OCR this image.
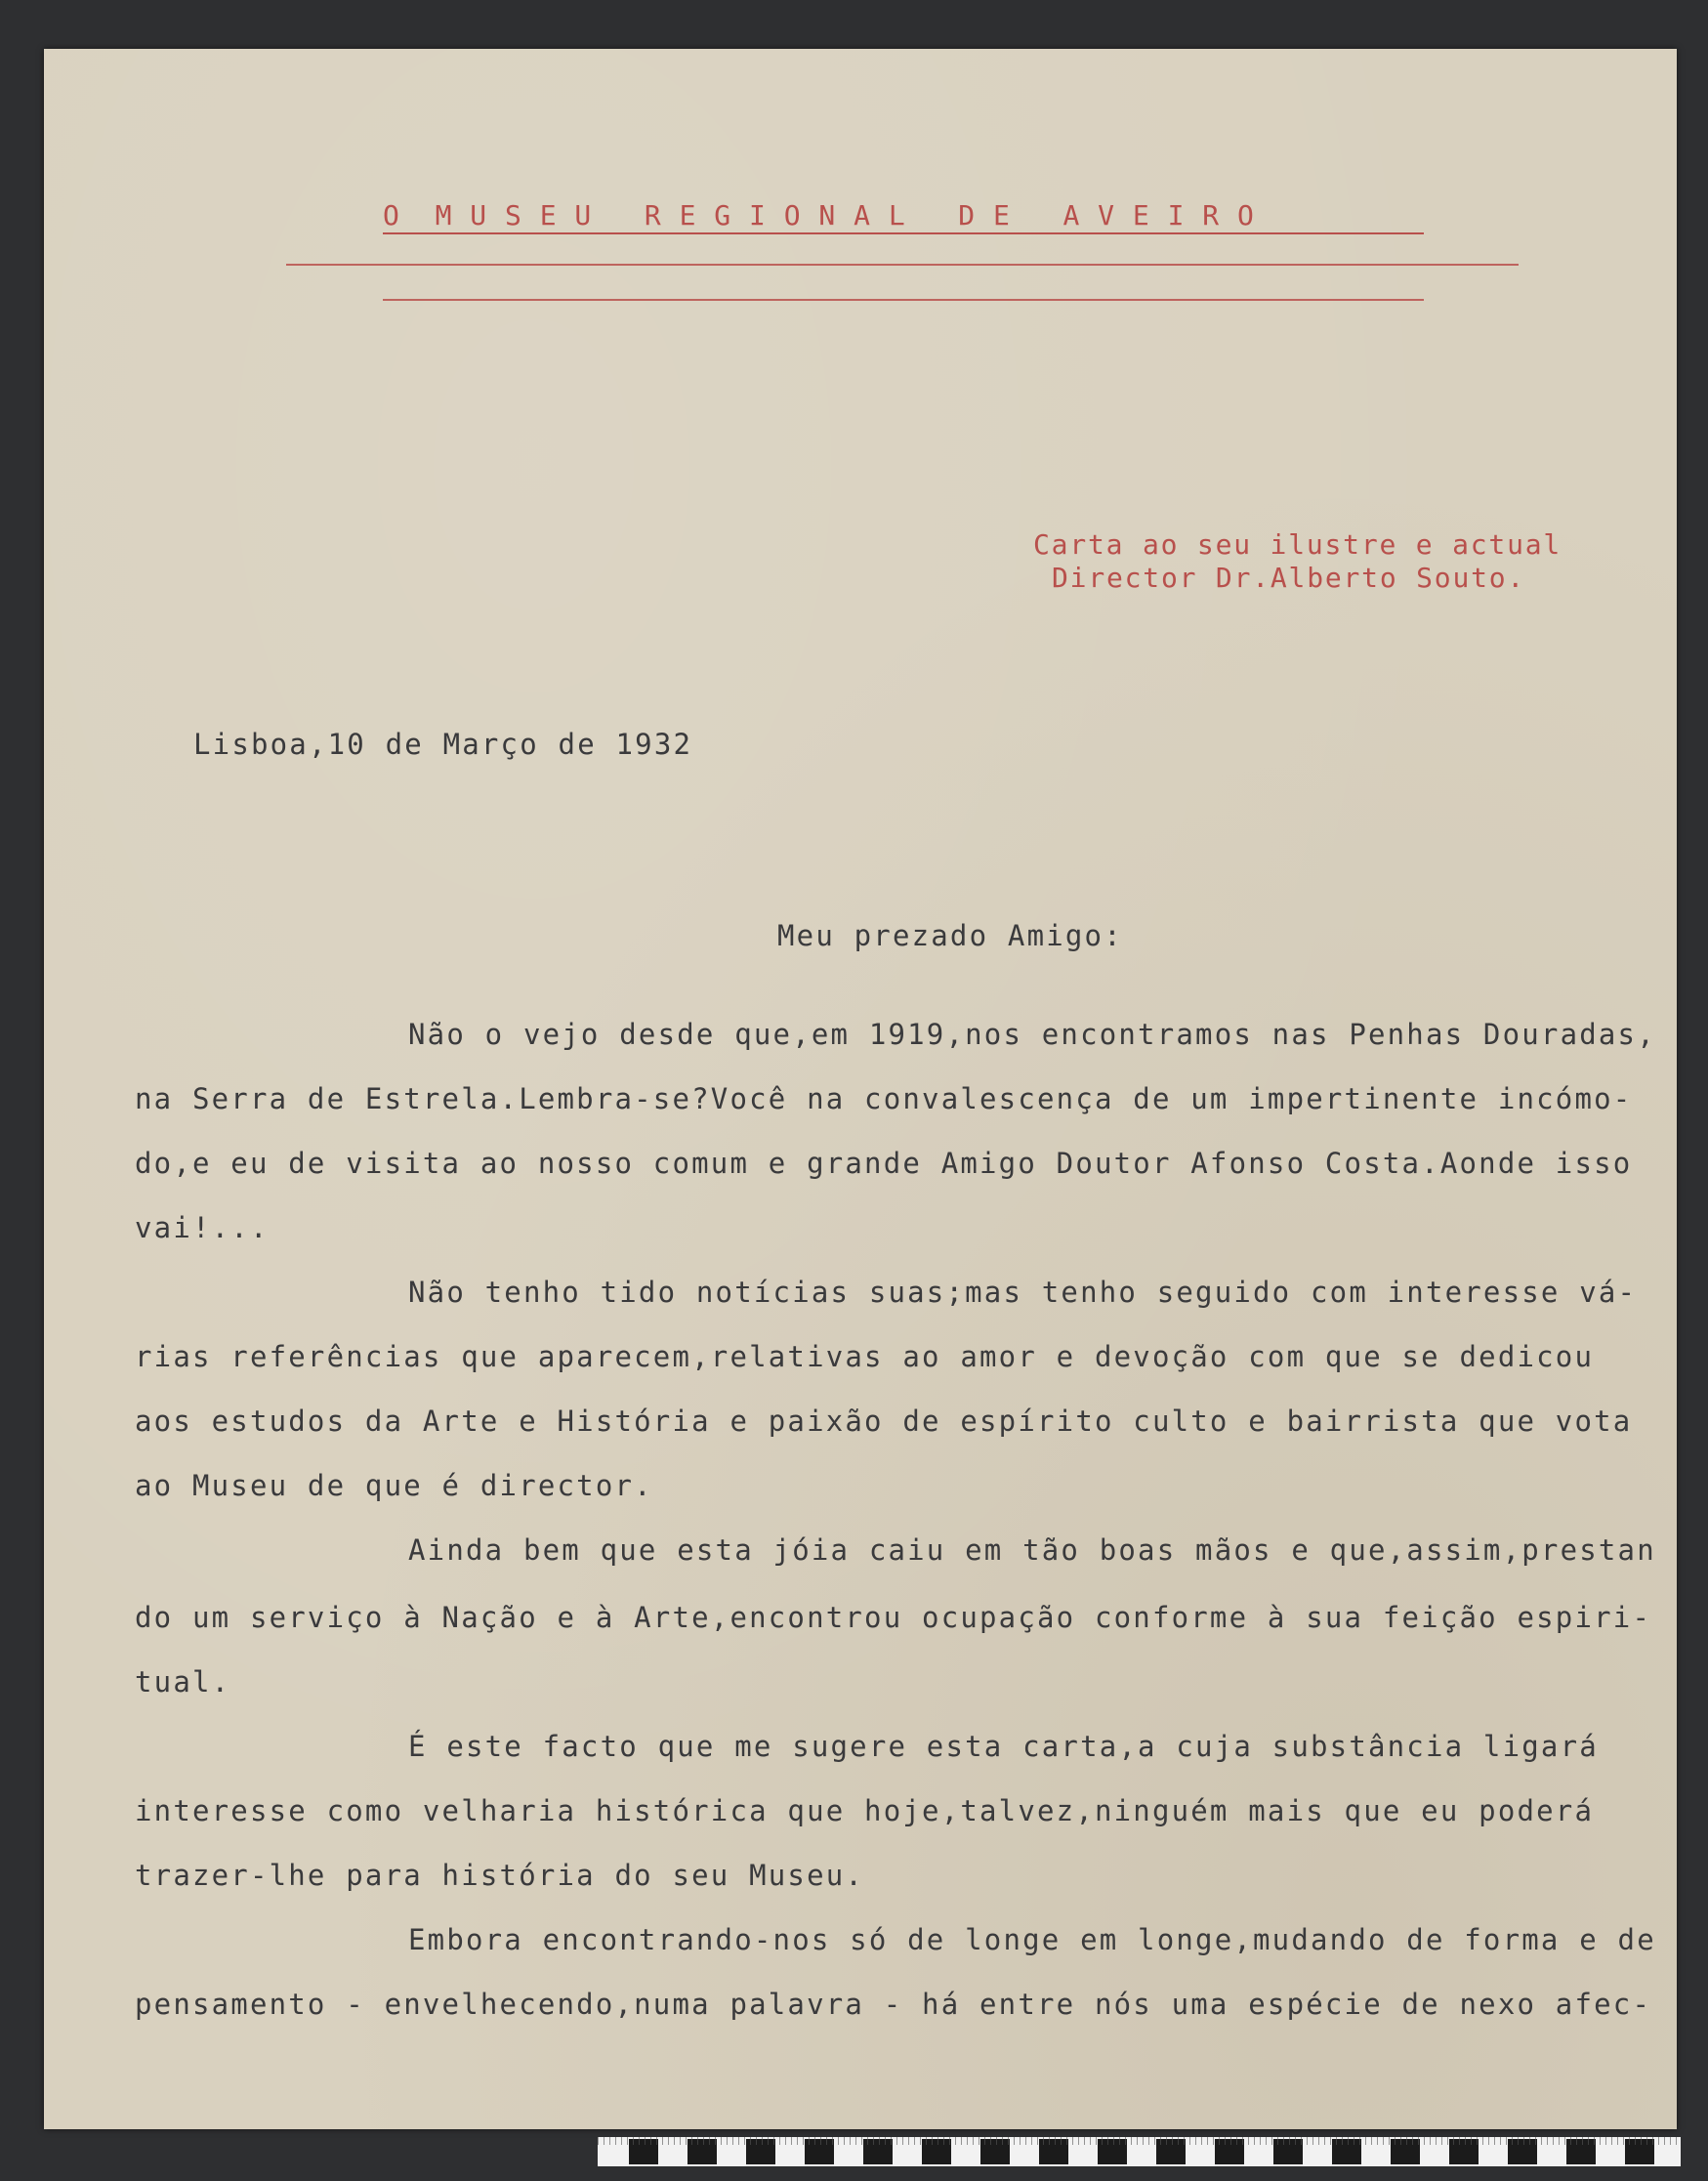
O  M U S E U   R E G I O N A L   D E   A V E I R O
Carta ao seu ilustre e actual
Director Dr.Alberto Souto.
Lisboa,10 de Março de 1932
Meu prezado Amigo:
Não o vejo desde que,em 1919,nos encontramos nas Penhas Douradas,
na Serra de Estrela.Lembra-se?Você na convalescença de um impertinente incómo-
do,e eu de visita ao nosso comum e grande Amigo Doutor Afonso Costa.Aonde isso
vai!...
Não tenho tido notícias suas;mas tenho seguido com interesse vá-
rias referências que aparecem,relativas ao amor e devoção com que se dedicou
aos estudos da Arte e História e paixão de espírito culto e bairrista que vota
ao Museu de que é director.
Ainda bem que esta jóia caiu em tão boas mãos e que,assim,prestan
do um serviço à Nação e à Arte,encontrou ocupação conforme à sua feição espiri-
tual.
É este facto que me sugere esta carta,a cuja substância ligará
interesse como velharia histórica que hoje,talvez,ninguém mais que eu poderá
trazer-lhe para história do seu Museu.
Embora encontrando-nos só de longe em longe,mudando de forma e de
pensamento - envelhecendo,numa palavra - há entre nós uma espécie de nexo afec-
